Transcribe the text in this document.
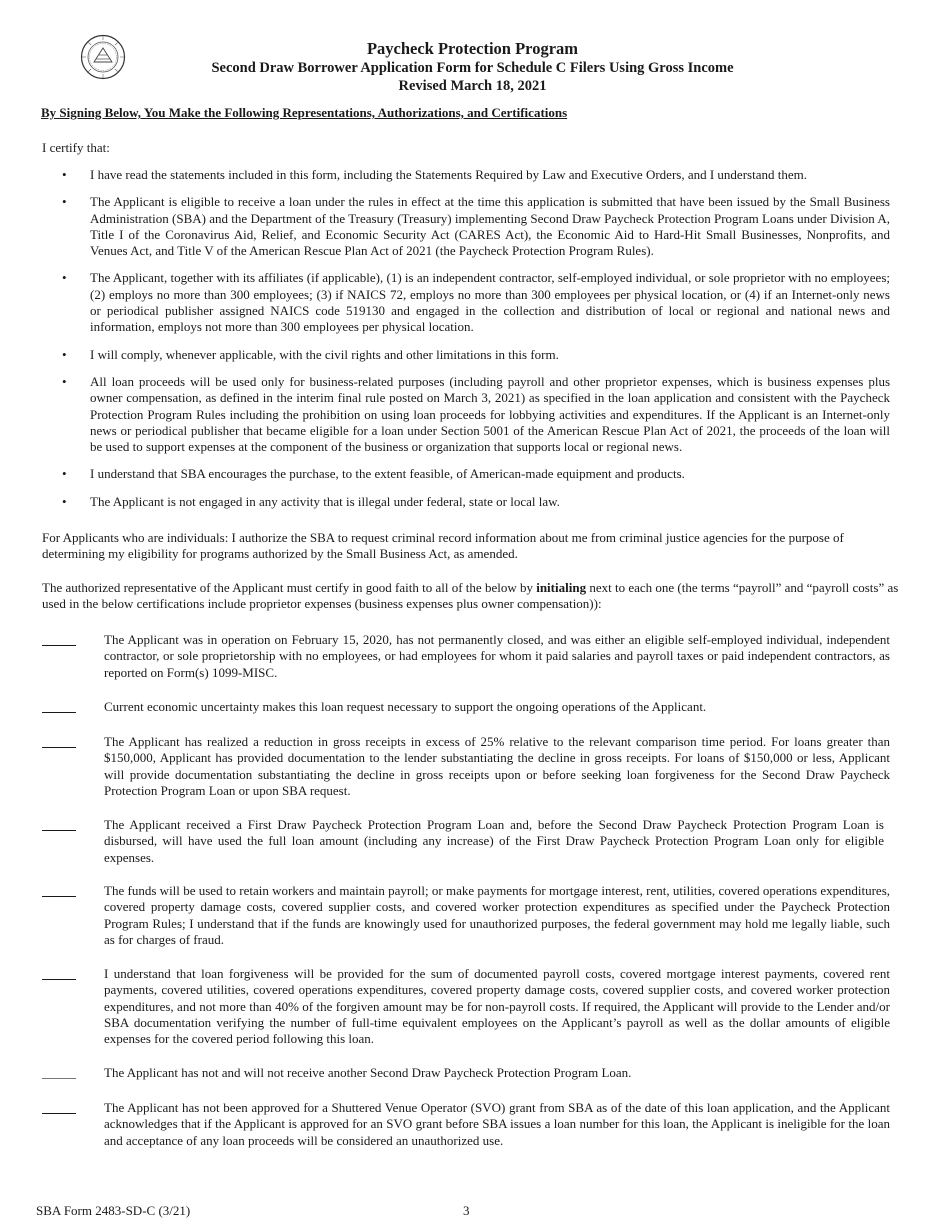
Paycheck Protection Program
Second Draw Borrower Application Form for Schedule C Filers Using Gross Income
Revised March 18, 2021
By Signing Below, You Make the Following Representations, Authorizations, and Certifications
I certify that:
• I have read the statements included in this form, including the Statements Required by Law and Executive Orders, and I understand them.
• The Applicant is eligible to receive a loan under the rules in effect at the time this application is submitted that have been issued by the Small Business Administration (SBA) and the Department of the Treasury (Treasury) implementing Second Draw Paycheck Protection Program Loans under Division A, Title I of the Coronavirus Aid, Relief, and Economic Security Act (CARES Act), the Economic Aid to Hard-Hit Small Businesses, Nonprofits, and Venues Act, and Title V of the American Rescue Plan Act of 2021 (the Paycheck Protection Program Rules).
• The Applicant, together with its affiliates (if applicable), (1) is an independent contractor, self-employed individual, or sole proprietor with no employees; (2) employs no more than 300 employees; (3) if NAICS 72, employs no more than 300 employees per physical location, or (4) if an Internet-only news or periodical publisher assigned NAICS code 519130 and engaged in the collection and distribution of local or regional and national news and information, employs not more than 300 employees per physical location.
• I will comply, whenever applicable, with the civil rights and other limitations in this form.
• All loan proceeds will be used only for business-related purposes (including payroll and other proprietor expenses, which is business expenses plus owner compensation, as defined in the interim final rule posted on March 3, 2021) as specified in the loan application and consistent with the Paycheck Protection Program Rules including the prohibition on using loan proceeds for lobbying activities and expenditures. If the Applicant is an Internet-only news or periodical publisher that became eligible for a loan under Section 5001 of the American Rescue Plan Act of 2021, the proceeds of the loan will be used to support expenses at the component of the business or organization that supports local or regional news.
• I understand that SBA encourages the purchase, to the extent feasible, of American-made equipment and products.
• The Applicant is not engaged in any activity that is illegal under federal, state or local law.
For Applicants who are individuals: I authorize the SBA to request criminal record information about me from criminal justice agencies for the purpose of determining my eligibility for programs authorized by the Small Business Act, as amended.
The authorized representative of the Applicant must certify in good faith to all of the below by initialing next to each one (the terms “payroll” and “payroll costs” as used in the below certifications include proprietor expenses (business expenses plus owner compensation)):
The Applicant was in operation on February 15, 2020, has not permanently closed, and was either an eligible self-employed individual, independent contractor, or sole proprietorship with no employees, or had employees for whom it paid salaries and payroll taxes or paid independent contractors, as reported on Form(s) 1099-MISC.
Current economic uncertainty makes this loan request necessary to support the ongoing operations of the Applicant.
The Applicant has realized a reduction in gross receipts in excess of 25% relative to the relevant comparison time period. For loans greater than $150,000, Applicant has provided documentation to the lender substantiating the decline in gross receipts. For loans of $150,000 or less, Applicant will provide documentation substantiating the decline in gross receipts upon or before seeking loan forgiveness for the Second Draw Paycheck Protection Program Loan or upon SBA request.
The Applicant received a First Draw Paycheck Protection Program Loan and, before the Second Draw Paycheck Protection Program Loan is disbursed, will have used the full loan amount (including any increase) of the First Draw Paycheck Protection Program Loan only for eligible expenses.
The funds will be used to retain workers and maintain payroll; or make payments for mortgage interest, rent, utilities, covered operations expenditures, covered property damage costs, covered supplier costs, and covered worker protection expenditures as specified under the Paycheck Protection Program Rules; I understand that if the funds are knowingly used for unauthorized purposes, the federal government may hold me legally liable, such as for charges of fraud.
I understand that loan forgiveness will be provided for the sum of documented payroll costs, covered mortgage interest payments, covered rent payments, covered utilities, covered operations expenditures, covered property damage costs, covered supplier costs, and covered worker protection expenditures, and not more than 40% of the forgiven amount may be for non-payroll costs. If required, the Applicant will provide to the Lender and/or SBA documentation verifying the number of full-time equivalent employees on the Applicant’s payroll as well as the dollar amounts of eligible expenses for the covered period following this loan.
The Applicant has not and will not receive another Second Draw Paycheck Protection Program Loan.
The Applicant has not been approved for a Shuttered Venue Operator (SVO) grant from SBA as of the date of this loan application, and the Applicant acknowledges that if the Applicant is approved for an SVO grant before SBA issues a loan number for this loan, the Applicant is ineligible for the loan and acceptance of any loan proceeds will be considered an unauthorized use.
SBA Form 2483-SD-C (3/21)	3
